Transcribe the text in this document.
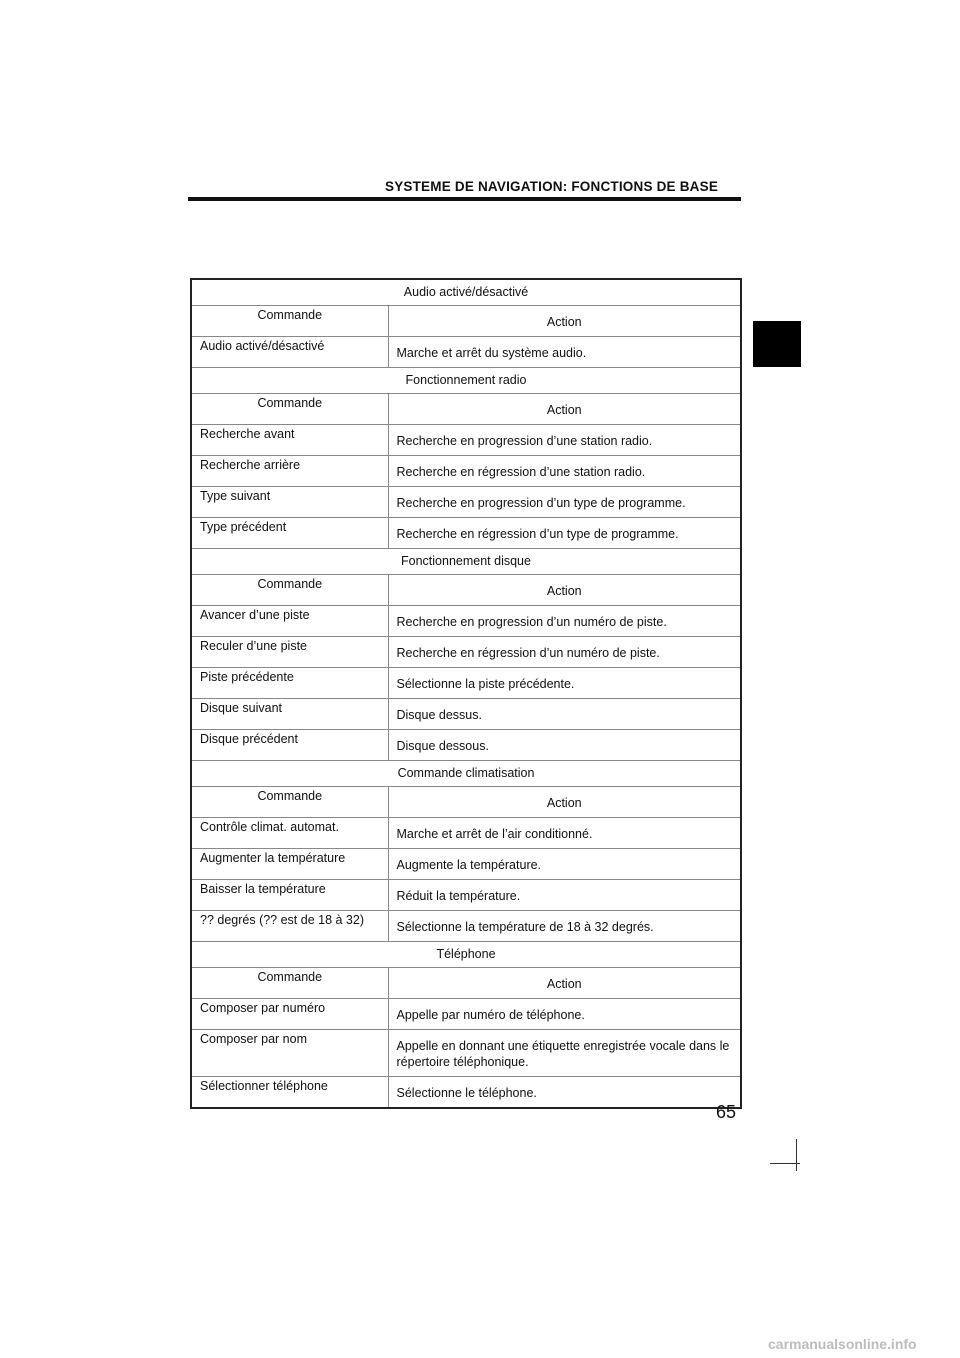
SYSTEME DE NAVIGATION: FONCTIONS DE BASE
Audio activé/désactivé	
Commande	Action
Audio activé/désactivé	Marche et arrêt du système audio.
Fonctionnement radio	
Commande	Action
Recherche avant	Recherche en progression d’une station radio.
Recherche arrière	Recherche en régression d’une station radio.
Type suivant	Recherche en progression d’un type de programme.
Type précédent	Recherche en régression d’un type de programme.
Fonctionnement disque	
Commande	Action
Avancer d’une piste	Recherche en progression d’un numéro de piste.
Reculer d’une piste	Recherche en régression d’un numéro de piste.
Piste précédente	Sélectionne la piste précédente.
Disque suivant	Disque dessus.
Disque précédent	Disque dessous.
Commande climatisation	
Commande	Action
Contrôle climat. automat.	Marche et arrêt de l’air conditionné.
Augmenter la température	Augmente la température.
Baisser la température	Réduit la température.
?? degrés (?? est de 18 à 32)	Sélectionne la température de 18 à 32 degrés.
Téléphone	
Commande	Action
Composer par numéro	Appelle par numéro de téléphone.
Composer par nom	Appelle en donnant une étiquette enregistrée vocale dans le répertoire téléphonique.
Sélectionner téléphone	Sélectionne le téléphone.
65
carmanualsonline.info
